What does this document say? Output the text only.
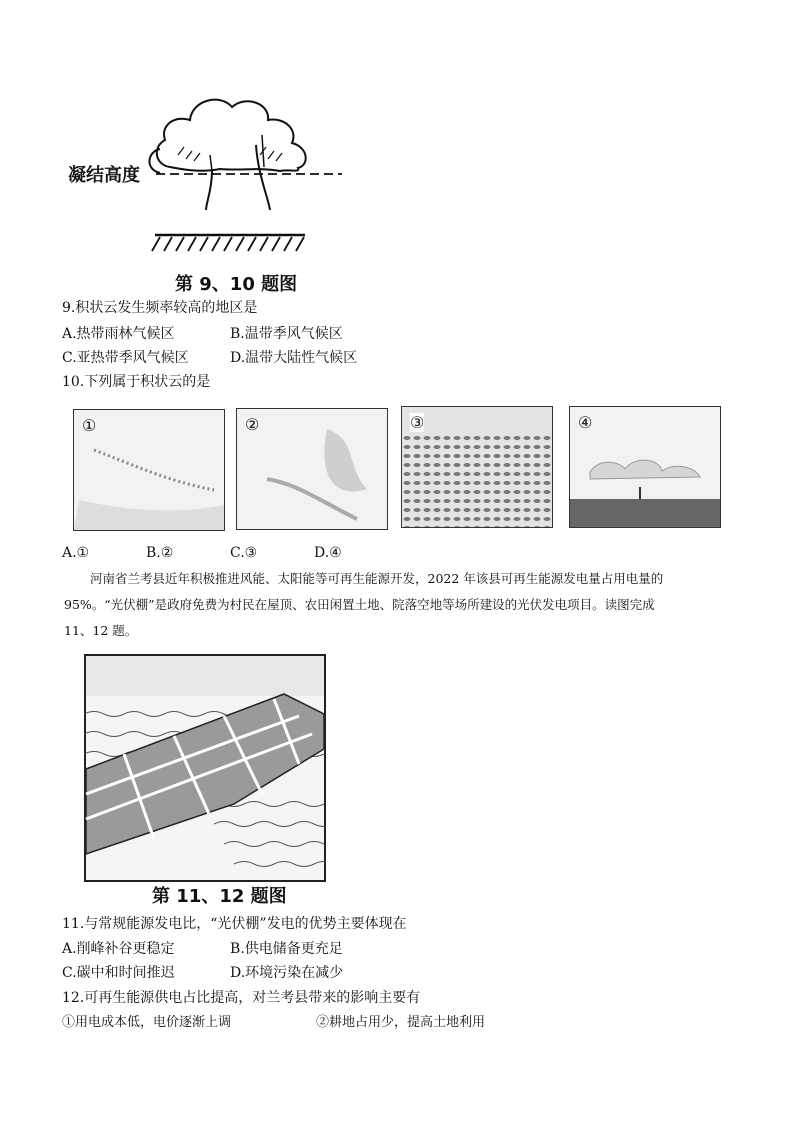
凝结高度
第 9、10 题图
9.积状云发生频率较高的地区是
A.热带雨林气候区	B.温带季风气候区
C.亚热带季风气候区	D.温带大陆性气候区
10.下列属于积状云的是
①	②	③	④
A.①	B.②	C.③	D.④
河南省兰考县近年积极推进风能、太阳能等可再生能源开发，2022 年该县可再生能源发电量占用电量的
95%。“光伏棚”是政府免费为村民在屋顶、农田闲置土地、院落空地等场所建设的光伏发电项目。读图完成
11、12 题。
第 11、12 题图
11.与常规能源发电比，“光伏棚”发电的优势主要体现在
A.削峰补谷更稳定	B.供电储备更充足
C.碳中和时间推迟	D.环境污染在减少
12.可再生能源供电占比提高，对兰考县带来的影响主要有
①用电成本低，电价逐渐上调	②耕地占用少，提高土地利用
